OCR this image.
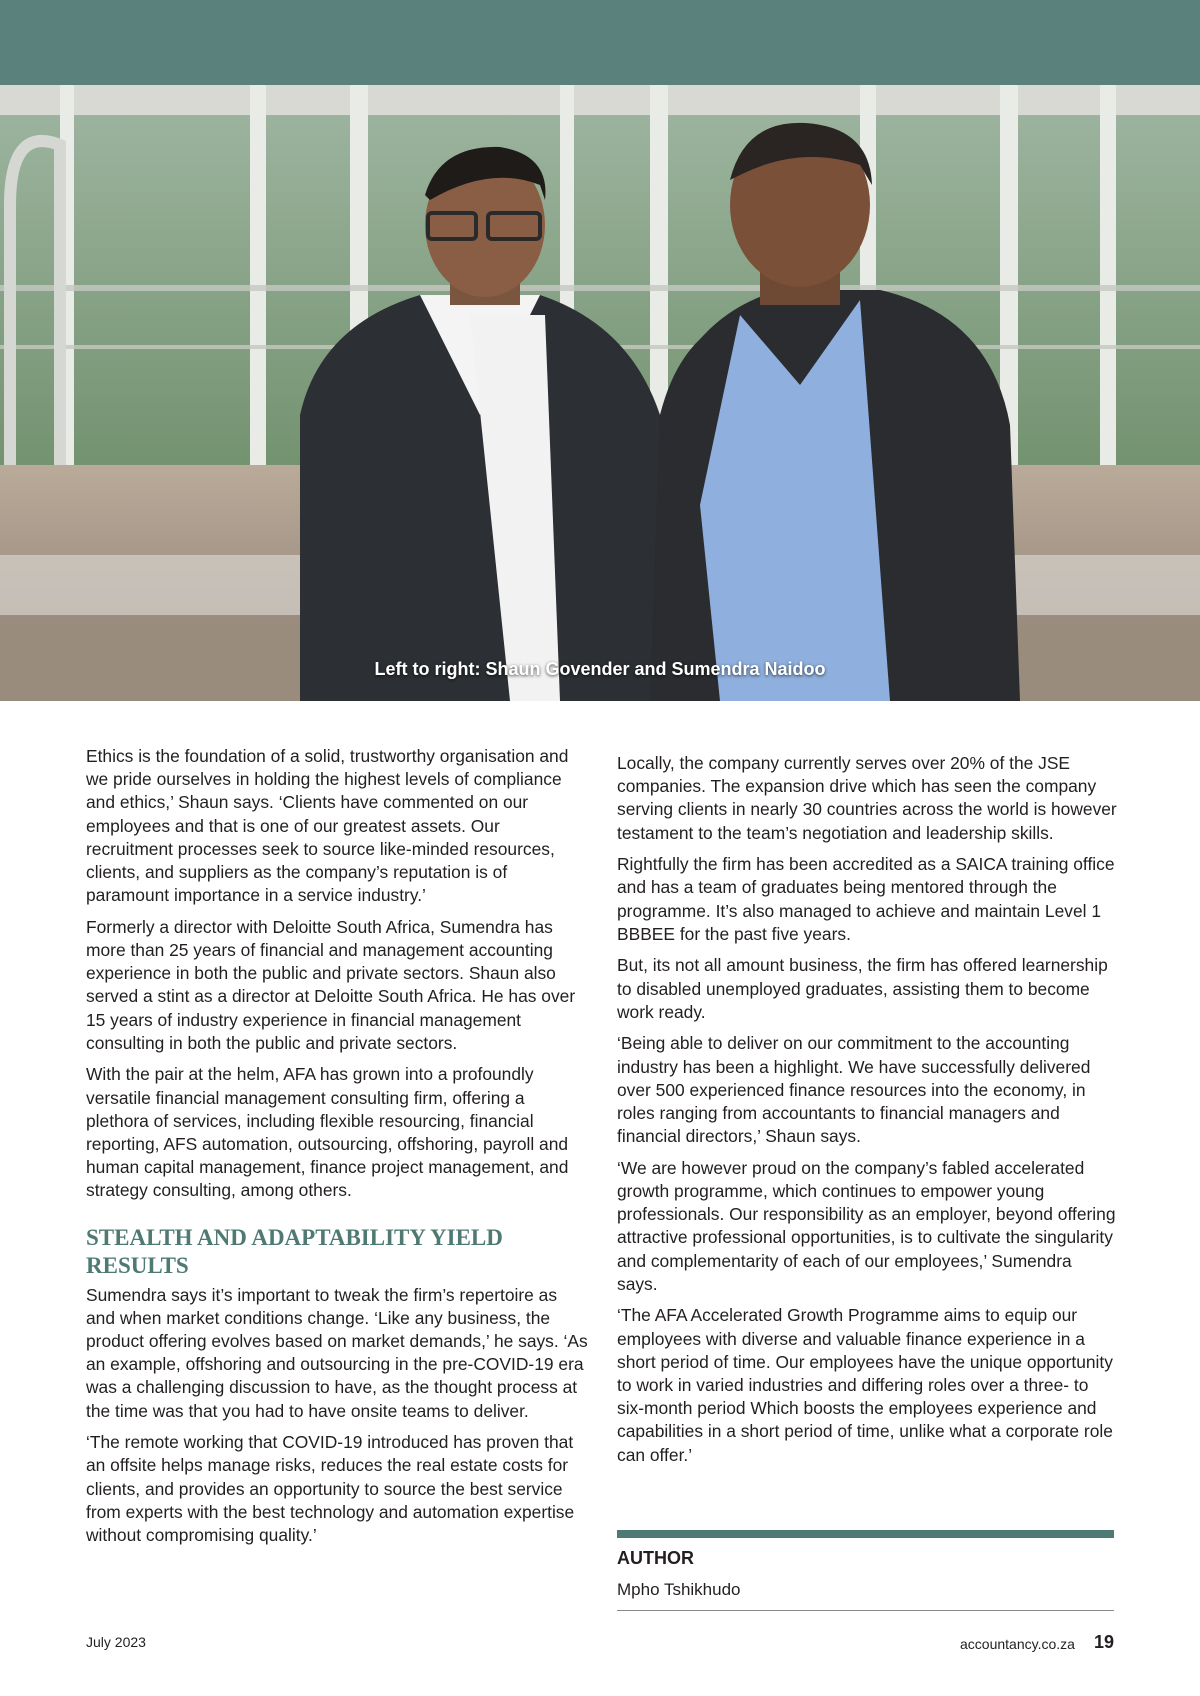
Left to right: Shaun Govender and Sumendra Naidoo

Ethics is the foundation of a solid, trustworthy organisation and we pride ourselves in holding the highest levels of compliance and ethics,’ Shaun says. ‘Clients have commented on our employees and that is one of our greatest assets. Our recruitment processes seek to source like-minded resources, clients, and suppliers as the company’s reputation is of paramount importance in a service industry.’

Formerly a director with Deloitte South Africa, Sumendra has more than 25 years of financial and management accounting experience in both the public and private sectors. Shaun also served a stint as a director at Deloitte South Africa. He has over 15 years of industry experience in financial management consulting in both the public and private sectors.

With the pair at the helm, AFA has grown into a profoundly versatile financial management consulting firm, offering a plethora of services, including flexible resourcing, financial reporting, AFS automation, outsourcing, offshoring, payroll and human capital management, finance project management, and strategy consulting, among others.

STEALTH AND ADAPTABILITY YIELD RESULTS

Sumendra says it’s important to tweak the firm’s repertoire as and when market conditions change. ‘Like any business, the product offering evolves based on market demands,’ he says. ‘As an example, offshoring and outsourcing in the pre-COVID-19 era was a challenging discussion to have, as the thought process at the time was that you had to have onsite teams to deliver.

‘The remote working that COVID-19 introduced has proven that an offsite helps manage risks, reduces the real estate costs for clients, and provides an opportunity to source the best service from experts with the best technology and automation expertise without compromising quality.’

Locally, the company currently serves over 20% of the JSE companies. The expansion drive which has seen the company serving clients in nearly 30 countries across the world is however testament to the team’s negotiation and leadership skills.

Rightfully the firm has been accredited as a SAICA training office and has a team of graduates being mentored through the programme. It’s also managed to achieve and maintain Level 1 BBBEE for the past five years.

But, its not all amount business, the firm has offered learnership to disabled unemployed graduates, assisting them to become work ready.

‘Being able to deliver on our commitment to the accounting industry has been a highlight. We have successfully delivered over 500 experienced finance resources into the economy, in roles ranging from accountants to financial managers and financial directors,’ Shaun says.

‘We are however proud on the company’s fabled accelerated growth programme, which continues to empower young professionals. Our responsibility as an employer, beyond offering attractive professional opportunities, is to cultivate the singularity and complementarity of each of our employees,’ Sumendra says.

‘The AFA Accelerated Growth Programme aims to equip our employees with diverse and valuable finance experience in a short period of time. Our employees have the unique opportunity to work in varied industries and differing roles over a three- to six-month period Which boosts the employees experience and capabilities in a short period of time, unlike what a corporate role can offer.’

AUTHOR
Mpho Tshikhudo
July 2023	accountancy.co.za 19
